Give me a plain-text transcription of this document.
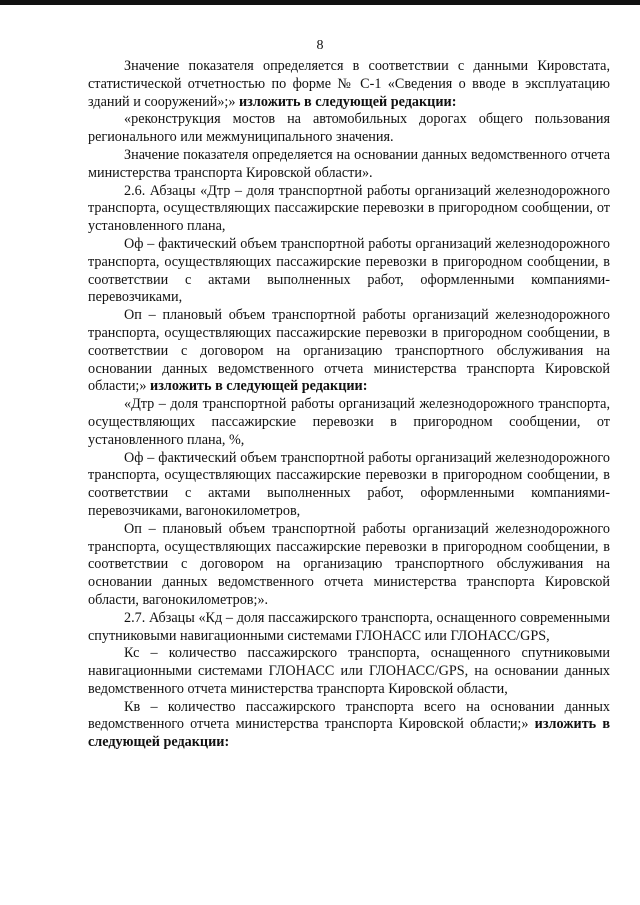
8

Значение показателя определяется в соответствии с данными Кировстата, статистической отчетностью по форме № С-1 «Сведения о вводе в эксплуатацию зданий и сооружений»;» изложить в следующей редакции:

«реконструкция мостов на автомобильных дорогах общего пользования регионального или межмуниципального значения.

Значение показателя определяется на основании данных ведомственного отчета министерства транспорта Кировской области».

2.6. Абзацы «Дтр – доля транспортной работы организаций железнодорожного транспорта, осуществляющих пассажирские перевозки в пригородном сообщении, от установленного плана,

Оф – фактический объем транспортной работы организаций железнодорожного транспорта, осуществляющих пассажирские перевозки в пригородном сообщении, в соответствии с актами выполненных работ, оформленными компаниями-перевозчиками,

Оп – плановый объем транспортной работы организаций железнодорожного транспорта, осуществляющих пассажирские перевозки в пригородном сообщении, в соответствии с договором на организацию транспортного обслуживания на основании данных ведомственного отчета министерства транспорта Кировской области;» изложить в следующей редакции:

«Дтр – доля транспортной работы организаций железнодорожного транспорта, осуществляющих пассажирские перевозки в пригородном сообщении, от установленного плана, %,

Оф – фактический объем транспортной работы организаций железнодорожного транспорта, осуществляющих пассажирские перевозки в пригородном сообщении, в соответствии с актами выполненных работ, оформленными компаниями-перевозчиками, вагонокилометров,

Оп – плановый объем транспортной работы организаций железнодорожного транспорта, осуществляющих пассажирские перевозки в пригородном сообщении, в соответствии с договором на организацию транспортного обслуживания на основании данных ведомственного отчета министерства транспорта Кировской области, вагонокилометров;».

2.7. Абзацы «Кд – доля пассажирского транспорта, оснащенного современными спутниковыми навигационными системами ГЛОНАСС или ГЛОНАСС/GPS,

Кс – количество пассажирского транспорта, оснащенного спутниковыми навигационными системами ГЛОНАСС или ГЛОНАСС/GPS, на основании данных ведомственного отчета министерства транспорта Кировской области,

Кв – количество пассажирского транспорта всего на основании данных ведомственного отчета министерства транспорта Кировской области;» изложить в следующей редакции:
